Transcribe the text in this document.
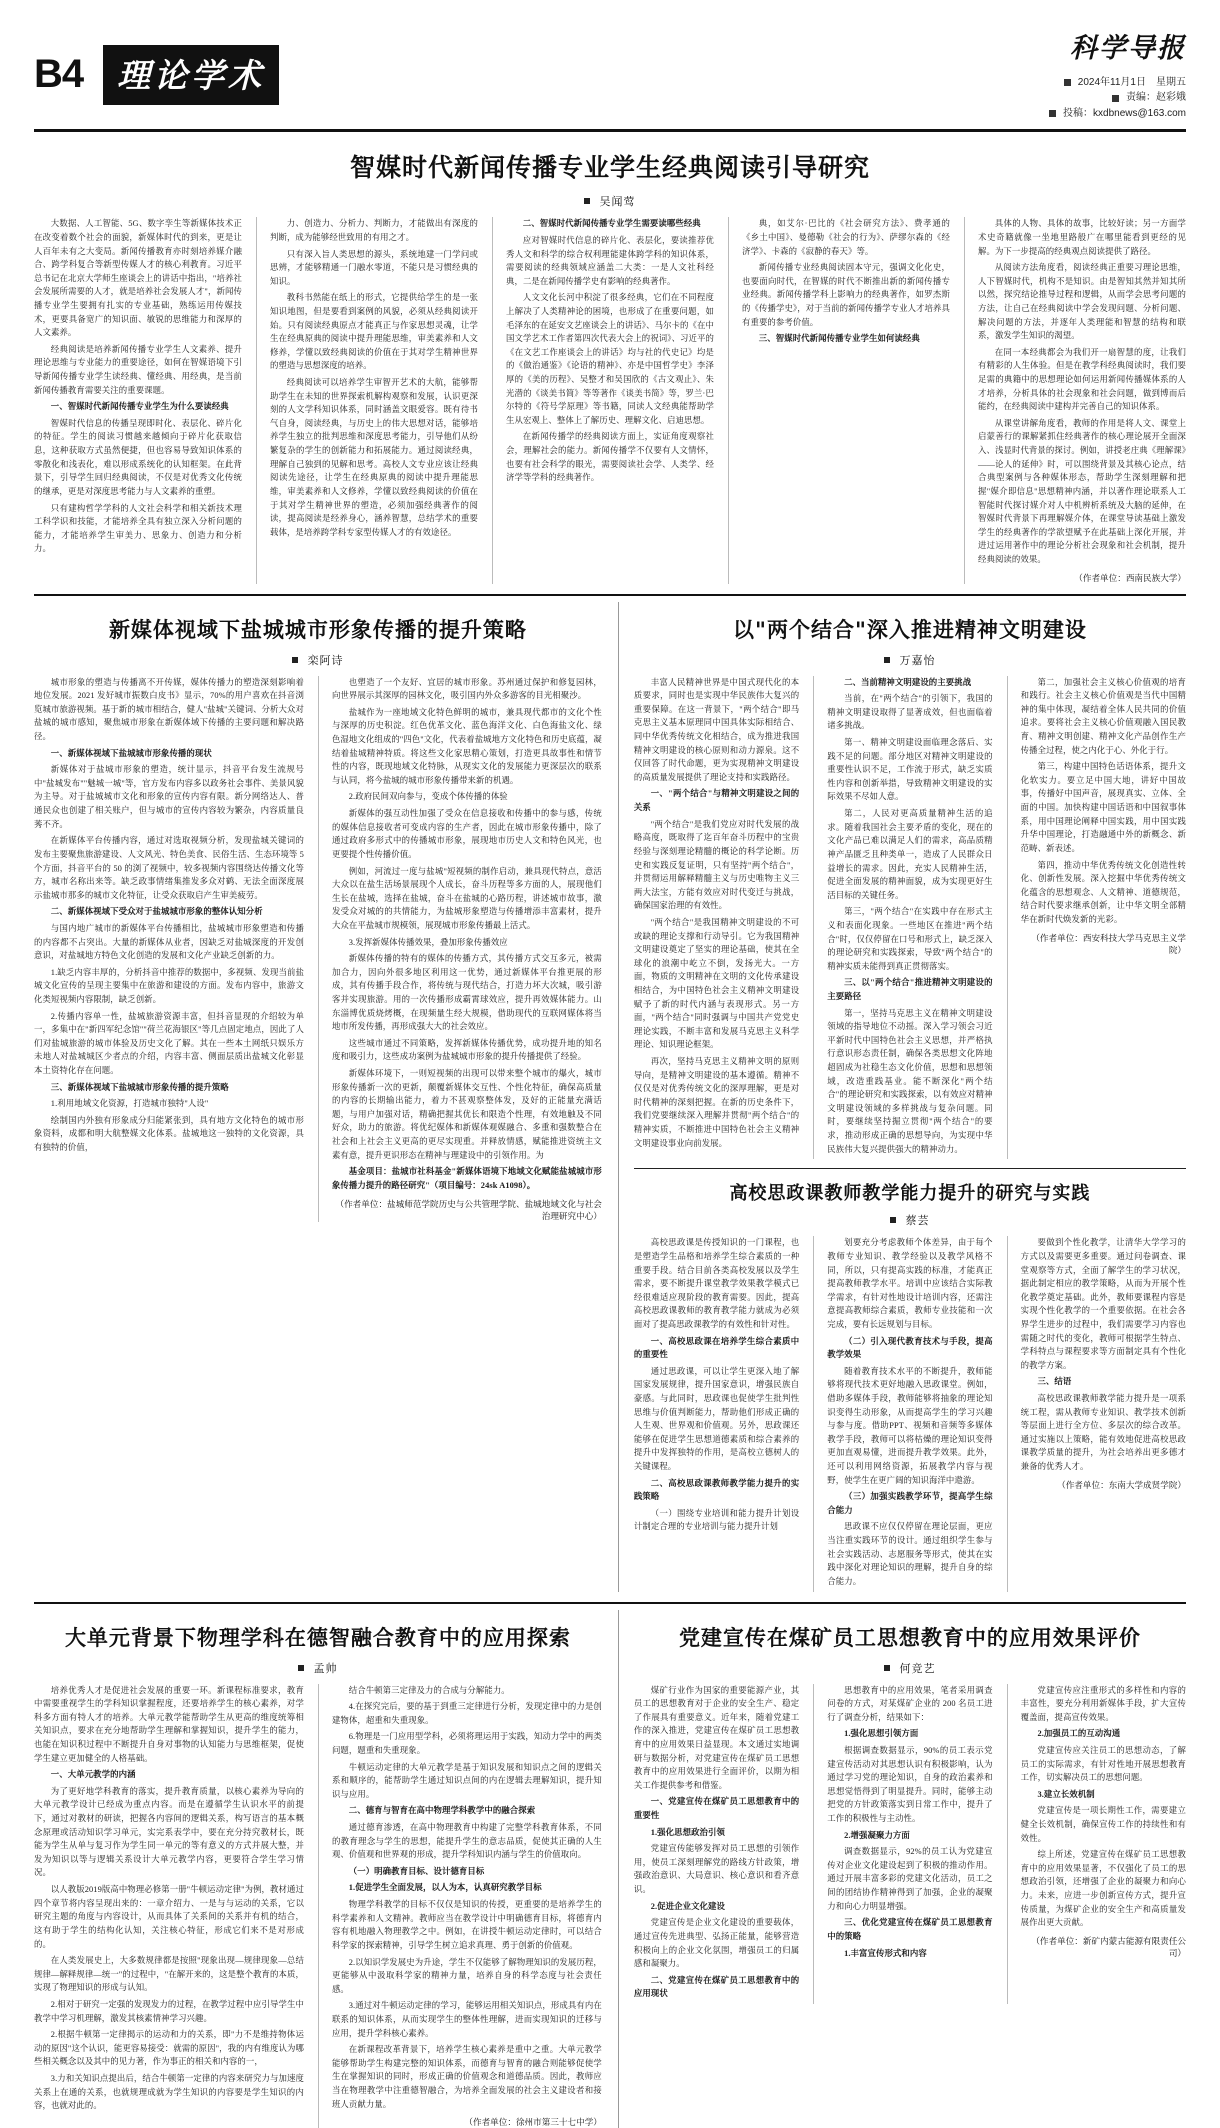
B4	理论学术
科学导报
2024年11月1日　星期五
责编：赵彩娥
投稿：kxdbnews@163.com
智媒时代新闻传播专业学生经典阅读引导研究
吴闻莺

大数据、人工智能、5G、数字孪生等新媒体技术正在改变着数个社会的面貌，新媒体时代的到来，更是让人百年未有之大变局。新闻传播教育亦时刻培养媒介融合、跨学科复合等新型传媒人才的核心利教育。习近平总书记在北京大学师生座谈会上的讲话中指出，"培养社会发展所需要的人才，就是培养社会发展人才"，新闻传播专业学生要拥有扎实的专业基础，熟练运用传媒技术，更要具备宽广的知识面、敏锐的思维能力和深厚的人文素养。

经典阅读是培养新闻传播专业学生人文素养、提升理论思维与专业能力的重要途径，如何在智媒语境下引导新闻传播专业学生读经典、懂经典、用经典，是当前新闻传播教育需要关注的重要课题。

一、智媒时代新闻传播专业学生为什么要读经典

智媒时代信息的传播呈现即时化、表层化、碎片化的特征。学生的阅读习惯越来越倾向于碎片化获取信息，这种获取方式虽然便捷，但也容易导致知识体系的零散化和浅表化，难以形成系统化的认知框架。在此背景下，引导学生回归经典阅读，不仅是对优秀文化传统的继承，更是对深度思考能力与人文素养的重塑。

只有建构哲学学科的人文社会科学和相关新技术理工科学识和技能，才能培养全具有独立深入分析问题的能力，才能培养学生审美力、思象力、创造力和分析力。

力、创造力、分析力、判断力，才能做出有深度的判断，成为能够经世致用的有用之才。

只有深入旨人类思想的源头，系统地建一门学问或思辨，才能够精通一门融水零道，不能只是习惯经典的知识。

教科书然能在纸上的形式，它提供给学生的是一张知识地图，但是要看到案例的风貌，必须从经典阅读开始。只有阅读经典原点才能真正与作家思想灵魂，让学生在经典原典的阅读中提升理能思维，审美素养和人文修养，学懂以致经典阅读的价值在于其对学生精神世界的塑造与思想深度的培养。

经典阅读可以培养学生审智开艺术的大航，能够帮助学生在未知的世界探索机解构观察和发展，认识更深刻的人文学科知识体系，同时涵盖文眼爱容。既有待书气自身，阅读经典，与历史上的伟大思想对话，能够培养学生独立的批判思维和深度思考能力，引导他们从纷繁复杂的学生的创新能力和拓展能力。通过阅读经典，理解自己独到的见解和思考。高校人文专业应该让经典阅读先途径，让学生在经典原典的阅读中提升理能思维，审美素养和人文修养，学懂以致经典阅读的价值在于其对学生精神世界的塑造，必须加强经典著作的阅读，提高阅读是经养身心，涵养智慧，总结学术的重要载体，是培养跨学科专家型传媒人才的有效途径。

二、智媒时代新闻传播专业学生需要读哪些经典

应对智媒时代信息的碎片化、表层化，要读推荐优秀人文和科学的综合权利理能建体跨学科的知识体系，需要阅读的经典领域应涵盖二大类：一是人文社科经典，二是在新闻传播学史有影响的经典著作。

人文文化长河中积淀了很多经典，它们在不同程度上解决了人类精神论的困境，也形成了在重要问题，如毛泽东的在延安文艺座谈会上的讲话》、马尔卡的《在中国文学艺术工作者第四次代表大会上的祝词》、习近平的《在文艺工作座谈会上的讲话》均与社的代史记》均是的《做治通鉴》《论语的精神》、亦是中国哲学史》李泽厚的《美的历程》、吴整才和吴国欣的《古文观止》、朱光潜的《谈美书简》等等著作《谈美书简》等，罗兰·巴尔特的《符号学原理》等书籍，同读人文经典能帮助学生从宏观上、整体上了解历史、理解文化、启迪思想。

在新闻传播学的经典阅读方面上，实证角度观察社会，理解社会的能力。新闻传播学不仅要有人文情怀，也要有社会科学的眼光，需要阅读社会学、人类学、经济学等学科的经典著作。

典，如艾尔·巴比的《社会研究方法》、费孝通的《乡土中国》、曼德勒《社会的行为》、萨缪尔森的《经济学》、卡森的《寂静的春天》等。

新闻传播专业经典阅读固本守元，强调文化化史，也要面向时代，在智媒的时代不断推出新的新闻传播专业经典。新闻传播学科上影响力的经典著作，如罗杰斯的《传播学史》，对于当前的新闻传播学专业人才培养具有重要的参考价值。

三、智媒时代新闻传播专业学生如何读经典

具体的人物、具体的故事，比较好读；另一方面学术史奇籍就像一坐地里路般广在哪里能看到更经的见解。为下一步提高的经典观点阅读提供了路径。

从阅读方法角度看，阅读经典正重要习理论思维，人下智媒时代，机构不是知识。由是智知其然并知其所以然，探究结论推导过程和逻辑，从而学会思考问题的方法，让自己在经典阅读中学会发现问题、分析问题、解决问题的方法，并逐年人类理能和智慧的结构和联系，激发学生知识的渴望。

在同一本经典都会为我们开一扇智慧的度，让我们有精彩的人生体验。但是在教学科经典阅读时，我们要足需的典籍中的思想理论如何运用新闻传播媒体系的人才培养，分析具体的社会现象和社会问题，做到博而后能约，在经典阅读中建构并完善自己的知识体系。

从课堂讲解角度看，教师的作用是将人文、课堂上启蒙善行的课解紧抓住经典著作的核心理论展开全面深入、浅显时代背景的探讨。例如，讲授老庄典《理解课》——论人的延伸》时，可以围绕背景及其核心论点，结合典型案例与各种媒体形态，帮助学生深刻理解和把握"媒介即信息"思想精神内涵，并以著作理论联系人工智能时代探讨媒介对人中机辨析系统及大脑的延伸，在智媒时代背景下再理解媒介体，在课堂导读基础上激发学生的经典著作的学欲望赋予在此基础上深化开展，并进过运用著作中的理论分析社会现象和社会机制，提升经典阅读的效果。

（作者单位：西南民族大学）

新媒体视域下盐城城市形象传播的提升策略
栾阿诗

城市形象的塑造与传播离不开传媒，媒体传播力的塑造深刻影响着地位发展。2021 发好城市振数白皮书》显示，70%的用户喜欢在抖音浏览城市旅游视频。基于新的城市相结合，健人"盐城"关键词、分析大众对盐城的城市感知，聚焦城市形象在新媒体域下传播的主要问题和解决路径。

一、新媒体视域下盐城城市形象传播的现状

新媒体对于盐城市形象的塑造，统计显示，抖音平台发生流规号中"盐城发布""魅城一城"等，官方发布内容多以政务社会事件、美景风貌为主导。对于盐城城市文化和形象的宣传内容有限。新分网络达人、普通民众也创建了相关账户，但与城市的宣传内容较为繁杂，内容质量良莠不齐。

在新媒体平台传播内容，通过对选取视频分析，发现盐城关键词的发布主要聚焦旅游建设、人文风光、特色美食、民俗生活、生态环境等 5 个方面，抖音平台的 50 的浏了视频中，较多视频内容围绕达传播文化等方，城市名称出来等。缺乏政事情绪集推发多众对鹤、无法全面深度展示盐城市那多的城市文化特征，让受众获取启产生审美疲劳。

二、新媒体视域下受众对于盐城城市形象的整体认知分析

与国内地广城市的新媒体平台传播相比，盐城城市形象塑造和传播的内容都不占突出。大量的新媒体从业者，因缺乏对盐城深度的开发创意识，对盐城地方特色文化创造的发展和文化产业缺乏创新的力。

1.缺乏内容丰厚的，分析抖音中推荐的数据中，多视频、发现当前盐城文化宣传的呈现主要集中在旅游和建设的方面。发布内容中，旅游文化类短视频内容限制，缺乏创新。

2.传播内容单一性，盐城旅游资源丰富，但抖音显现的介绍较为单一，多集中在"新四军纪念馆""荷兰花海银区"等几点固定地点，因此了人们对盐城旅游的城市体验及历史文化了解。其在一些本土网纸只娱乐方未地人对盐城城区少者点的介绍，内容丰富、侧面层质出盐城文化彰显本土资特化存在问题。

三、新媒体视域下盐城城市形象传播的提升策略

1.利用地域文化资源，打造城市独特"人设"

绘制国内外独有形象成分归能紧张到，具有地方文化特色的城市形象资料，成都和明大航整媒文化体系。盐城地这一独特的文化资源，具有独特的价值，

也塑造了一个友好、宜居的城市形象。苏州通过保护和修复园林，向世界展示其深厚的园林文化，吸引国内外众多游客的目光相聚沙。

盐城作为一座地域文化特色鲜明的城市，兼具现代都市的文化个性与深厚的历史积淀。红色优革文化、蓝色海洋文化、白色海盐文化、绿色湿地文化组成的"四色"文化，代表着盐城地方文化特色和历史底蕴，凝结着盐城精神特质。将这些文化家思精心策划，打造更具故事性和情节性的内容，既现地域文化特脉，从现实文化的发展能力更深层次的联系与认同，将今盐城的城市形象传播带来新的机遇。

2.政府民间双向参与，变成个体传播的体验

新媒体的强互动性加强了受众在信息接收和传播中的参与感，传统的媒体信息接收者可变成内容的生产者，因此在城市形象传播中，除了通过政府多形式中的传播城市形象，展现地市历史人文和特色风光，也更要提个性传播价值。

例如，河流过一度与盐城"短视频的制作启动，兼具现代特点，意活大众以在盐生活场景展现个人成长，奋斗历程等多方面的人，展现他们生长在盐城，选择在盐城，奋斗在盐城的心路历程，讲述城市故事，激发受众对城的的共情能力，为盐城形象塑造与传播增添丰富素材，提升大众在平盐城市规模领，展现城市形象传播最上活式。

3.发挥新媒体传播效果，叠加形象传播效应

新媒体传播的特有的媒体的传播方式，其传播方式交互多元，被需加合力，因向外很多地区利用这一优势，通过新媒体平台推更展的形成，其有传播手段合作，将传统与现代结合，打造力坏大次城，吸引游客并实现旅游。用的一次传播形成霸霄球效应，提升再效媒体能力。山东淄博优质烧烤概，在现频量生经大规模，借助现代的互联网媒体将当地市所发传播，再形成强大大的社会效应。

这些城市通过不同策略，发挥新媒体传播优势，成功提升地的知名度和吸引力，这些成功案例为盐城城市形象的提升传播提供了经验。

新媒体环境下，一则短视频的出现可以带来整个城市的爆火，城市形象传播新一次的更新，颠覆新媒体交互性、个性化特征，确保高质量的内容的长期输出能力，着力不甚观察整体发，及好的正能量充满话题，与用户加强对话，精确把握其优长和限造个性理，有效地触及不同好众，助力的旅游。将优纪媒体和新媒体观媒融合、多重和强数整合在社会和上社会主义更高的更尽实现重。并释放情感，赋能推进资统主文素有意，提升更识形态在精神与理建设中的引领作用。为

基金项目：盐城市社科基金"新媒体语境下地域文化赋能盐城城市形象传播力提升的路径研究"（项目编号：24sk A1098）。

（作者单位：盐城师范学院历史与公共管理学院、盐城地域文化与社会治理研究中心）

以"两个结合"深入推进精神文明建设
万嘉怡

丰富人民精神世界是中国式现代化的本质要求，同时也是实现中华民族伟大复兴的重要保障。在这一背景下，"两个结合"即马克思主义基本原理同中国具体实际相结合、同中华优秀传统文化相结合，成为推进我国精神文明建设的核心原则和动力源泉。这不仅回答了时代命题，更为实现精神文明建设的高质量发展提供了理论支持和实践路径。

一、"两个结合"与精神文明建设之间的关系

"两个结合"是我们党应对时代发展的战略高度，既取得了迄百年奋斗历程中的宝贵经验与深刻理论精髓的概论的科学论断。历史和实践反复证明，只有坚持"两个结合"，并贯彻运用解释精髓主义与历史唯物主义三两大法宝，方能有效应对时代变迁与挑战，确保国家治理的有效性。

"两个结合"是我国精神文明建设的不可或缺的理论支撑和行动导引。它为我国精神文明建设奠定了坚实的理论基础，使其在全球化的浪潮中屹立不倒，发扬光大。一方面，物质的文明精神在文明的文化传承建设相结合，为中国特色社会主义精神文明建设赋予了新的时代内涵与表现形式。另一方面，"两个结合"同时强调与中国共产党党史理论实践，不断丰富和发展马克思主义科学理论、知识理论框架。

再次，坚持马克思主义精神文明的原则导向，是精神文明建设的基本遵循。精神不仅仅是对优秀传统文化的深厚理解，更是对时代精神的深刻把握。在新的历史条件下，我们党要继续深入理解并贯彻"两个结合"的精神实质，不断推进中国特色社会主义精神文明建设事业向前发展。

二、当前精神文明建设的主要挑战

当前，在"两个结合"的引领下，我国的精神文明建设取得了显著成效，但也面临着诸多挑战。

第一、精神文明建设面临理念落后、实践不足的问题。部分地区对精神文明建设的重要性认识不足，工作流于形式，缺乏实质性内容和创新举措，导致精神文明建设的实际效果不尽如人意。

第二，人民对更高质量精神生活的追求。随着我国社会主要矛盾的变化，现在的文化产品已难以满足人们的需求，高品质精神产品匮乏且种类单一，造成了人民群众日益增长的需求。因此，充实人民精神生活，促进全面发展的精神面貌，成为实现更好生活目标的关键任务。

第三，"两个结合"在实践中存在形式主义和表面化现象。一些地区在推进"两个结合"时，仅仅停留在口号和形式上，缺乏深入的理论研究和实践探索，导致"两个结合"的精神实质未能得到真正贯彻落实。

三、以"两个结合"推进精神文明建设的主要路径

第一，坚持马克思主义在精神文明建设领域的指导地位不动摇。深入学习领会习近平新时代中国特色社会主义思想，并严格执行意识形态责任制，确保各类思想文化阵地超固成为社稳生态文化价值，思想和思想领域，改造重践基业。能不断深化"两个结合"的理论研究和实践探索，以有效应对精神文明建设领域的多样挑战与复杂问题。同时，要继续坚持掘立贯彻"两个结合"的要求，推动形成正确的思想导向，为实现中华民族伟大复兴提供强大的精神动力。

第二，加强社会主义核心价值观的培育和践行。社会主义核心价值观是当代中国精神的集中体现，凝结着全体人民共同的价值追求。要将社会主义核心价值观融入国民教育、精神文明创建、精神文化产品创作生产传播全过程，使之内化于心、外化于行。

第三，构建中国特色话语体系，提升文化软实力。要立足中国大地，讲好中国故事，传播好中国声音，展现真实、立体、全面的中国。加快构建中国话语和中国叙事体系，用中国理论阐释中国实践，用中国实践升华中国理论，打造融通中外的新概念、新范畴、新表述。

第四，推动中华优秀传统文化创造性转化、创新性发展。深入挖掘中华优秀传统文化蕴含的思想观念、人文精神、道德规范，结合时代要求继承创新，让中华文明全部精华在新时代焕发新的光彩。

（作者单位：西安科技大学马克思主义学院）

高校思政课教师教学能力提升的研究与实践
蔡芸

高校思政课是传授知识的一门课程，也是塑造学生品格和培养学生综合素质的一种重要手段。结合目前各类高校发展以及学生需求，要不断提升课堂教学效果教学模式已经很难适应现阶段的教育需要。因此，提高高校思政课教师的教育教学能力就成为必须面对了提高思政课教学的有效性和针对性。

一、高校思政课在培养学生综合素质中的重要性

通过思政课，可以让学生更深入地了解国家发展规律，提升国家意识，增强民族自豪感。与此同时，思政课也促使学生批判性思维与价值判断能力，帮助他们形成正确的人生观、世界观和价值观。另外，思政课还能够在促进学生思想道德素质和综合素养的提升中发挥独特的作用，是高校立德树人的关键课程。

二、高校思政课教师教学能力提升的实践策略

（一）围绕专业培训和能力提升计划设计制定合理的专业培训与能力提升计划

划要充分考虑教师个体差异，由于每个教师专业知识、教学经验以及教学风格不同，所以，只有提高实践的标准，才能真正提高教师教学水平。培训中应该结合实际教学需求，有针对性地设计培训内容，还需注意提高教师综合素质，教师专业技能和一次完成，要有长远规划与目标。

（二）引入现代教育技术与手段，提高教学效果

随着教育技术水平的不断提升，教师能够将现代技术更好地融入思政课堂。例如，借助多媒体手段，教师能够将抽象的理论知识变得生动形象，从而提高学生的学习兴趣与参与度。借助PPT、视频和音频等多媒体教学手段，教师可以将枯燥的理论知识变得更加直观易懂，进而提升教学效果。此外，还可以利用网络资源，拓展教学内容与视野，使学生在更广阔的知识海洋中遨游。

（三）加强实践教学环节，提高学生综合能力

思政课不应仅仅停留在理论层面，更应当注重实践环节的设计。通过组织学生参与社会实践活动、志愿服务等形式，使其在实践中深化对理论知识的理解，提升自身的综合能力。

要做到个性化教学，让清华大学学习的方式以及需要更多重要。通过问卷调查、课堂观察等方式，全面了解学生的学习状况，据此制定相应的教学策略，从而为开展个性化教学奠定基础。此外，教师要课程内容是实现个性化教学的一个重要依据。在社会各界学生进步的过程中，我们需要学习内容也需随之时代的变化，教师可根据学生特点、学科特点与课程要求等方面制定具有个性化的教学方案。

三、结语

高校思政课教师教学能力提升是一项系统工程，需从教师专业知识、教学技术创新等层面上进行全方位、多层次的综合改革。通过实施以上策略，能有效地促进高校思政课教学质量的提升，为社会培养出更多德才兼备的优秀人才。

（作者单位：东南大学成贤学院）

大单元背景下物理学科在德智融合教育中的应用探索
孟帅

培养优秀人才是促进社会发展的重要一环。新课程标准要求，教育中需要重视学生的学科知识掌握程度，还要培养学生的核心素养，对学科多方面有特人才的培养。大单元教学能帮助学生从更高的维度统筹相关知识点，要求在充分地帮助学生理解和掌握知识，提升学生的能力，也能在知识积过程中不断提升自身对事物的认知能力与思维框架，促使学生建立更加健全的人格基础。

一、大单元教学的内涵

为了更好地学科教育的落实，提升教育质量，以核心素养为导向的大单元教学设计已经成为重点内容。而是在遵循学生认识水平的前提下，通过对教材的研读，把握各内容间的逻辑关系，构写语言的基本概念原理或活动知识学习单元，实完系表学中，要在充分持究教材长，既能为学生从单与复习作为学生同一单元的等有意义的方式并展大整，并发为知识以等与逻辑关系设计大单元教学内容，更要符合学生学习情况。

以人教版2019版高中物理必修第一册"牛顿运动定律"为例，教材通过四个章节将内容呈现出来的：一章介绍力、一是与与运动的关系，它以研究主题的角度与内容设计，从而具体了关系间的关系并有机的结合，这有助于学生的结构化认知，关注核心特征，形成它们来不是对形成的。

在人类发展史上，大多数规律都是按照"现象出现—规律现象—总结规律—解释规律—统一"的过程中，"在解开来的，这是整个教育的本质，实现了物理知识的形成与认知。

2.相对于研究一定强的发现发力的过程，在教学过程中应引导学生中教学中学习机理解，激发其核素情神学习兴趣。

2.根据牛顿第一定律揭示的运动和力的关系，即"力不是维持物体运动的原因"这个认识，能更容易接受：就需的原因"，我的内有维度认为哪些相关概念以及其中的见力著，作为事正的相关和内容的一，

3.力和关知识点提出后，结合牛顿第一定律的内容来研究力与加速度关系上在通的关系，也就规理成就为学生知识的内容要是学生知识的内容，也就对此的。

结合牛顿第三定律及力的合成与分解能力。

4.在探究完后，要的基于到重三定律进行分析，发现定律中的力是创建物体，超重和失重现象。

6.物理是一门应用型学科，必须将理运用于实践，知动力学中的两类问题，题重和失重现象。

牛顿运动定律的大单元教学是基于知识发展和知识点之间的逻辑关系和顺序的，能帮助学生通过知识点间的内在逻辑去理解知识，提升知识与应用。

二、德育与智育在高中物理学科教学中的融合探索

通过德育渗透，在高中物理教育中构建了完整学科教育体系，不同的教育理念与学生的思想，能提升学生的意志品质，促使其正确的人生观、价值观和世界观的形成，提升学科知识内涵与学生的价值取向。

（一）明确教育目标、设计德育目标

1.促进学生全面发展，以人为本，认真研究教学目标

物理学科教学的目标不仅仅是知识的传授，更重要的是培养学生的科学素养和人文精神。教师应当在教学设计中明确德育目标，将德育内容有机地融入物理教学之中。例如，在讲授牛顿运动定律时，可以结合科学家的探索精神，引导学生树立追求真理、勇于创新的价值观。

2.以知识学发展史为升途，学生不仅能够了解物理知识的发展历程，更能够从中汲取科学家的精神力量，培养自身的科学态度与社会责任感。

3.通过对牛顿运动定律的学习，能够运用相关知识点，形成具有内在联系的知识体系，从而实现学生的整体性理解，进而实现知识的迁移与应用，提升学科核心素养。

在新课程改革背景下，培养学生核心素养是重中之重。大单元教学能够帮助学生构建完整的知识体系，而德育与智育的融合则能够促使学生在掌握知识的同时，形成正确的价值观念和道德品质。因此，教师应当在物理教学中注重德智融合，为培养全面发展的社会主义建设者和接班人贡献力量。

（作者单位：徐州市第三十七中学）

党建宣传在煤矿员工思想教育中的应用效果评价
何竞艺

煤矿行业作为国家的重要能源产业，其员工的思想教育对于企业的安全生产、稳定了作展具有重要意义。近年来，随着党建工作的深入推进，党建宣传在煤矿员工思想教育中的应用效果日益显现。本文通过实地调研与数据分析，对党建宣传在煤矿员工思想教育中的应用效果进行全面评价，以期为相关工作提供参考和借鉴。

一、党建宣传在煤矿员工思想教育中的重要性

1.强化思想政治引领

党建宣传能够发挥对员工思想的引领作用，使员工深刻理解党的路线方针政策，增强政治意识、大局意识、核心意识和看齐意识。

2.促进企业文化建设

党建宣传是企业文化建设的重要载体，通过宣传先进典型、弘扬正能量，能够营造积极向上的企业文化氛围，增强员工的归属感和凝聚力。

二、党建宣传在煤矿员工思想教育中的应用现状

思想教育中的应用效果，笔者采用调查问卷的方式，对某煤矿企业的 200 名员工进行了调查分析，结果如下：

1.强化思想引领方面

根据调查数据显示，90%的员工表示党建宣传活动对其思想认识有积极影响，认为通过学习党的理论知识，自身的政治素养和思想觉悟得到了明显提升。同时，能够主动把党的方针政策落实到日常工作中，提升了工作的积极性与主动性。

2.增强凝聚力方面

调查数据显示，92%的员工认为党建宣传对企业文化建设起到了积极的推动作用。通过开展丰富多彩的党建文化活动，员工之间的团结协作精神得到了加强，企业的凝聚力和向心力明显增强。

三、优化党建宣传在煤矿员工思想教育中的策略

1.丰富宣传形式和内容

党建宣传应注重形式的多样性和内容的丰富性，要充分利用新媒体手段，扩大宣传覆盖面，提高宣传效果。

2.加强员工的互动沟通

党建宣传应关注员工的思想动态，了解员工的实际需求，有针对性地开展思想教育工作，切实解决员工的思想问题。

3.建立长效机制

党建宣传是一项长期性工作，需要建立健全长效机制，确保宣传工作的持续性和有效性。

综上所述，党建宣传在煤矿员工思想教育中的应用效果显著，不仅强化了员工的思想政治引领，还增强了企业的凝聚力和向心力。未来，应进一步创新宣传方式，提升宣传质量，为煤矿企业的安全生产和高质量发展作出更大贡献。

（作者单位：新矿内蒙古能源有限责任公司）
